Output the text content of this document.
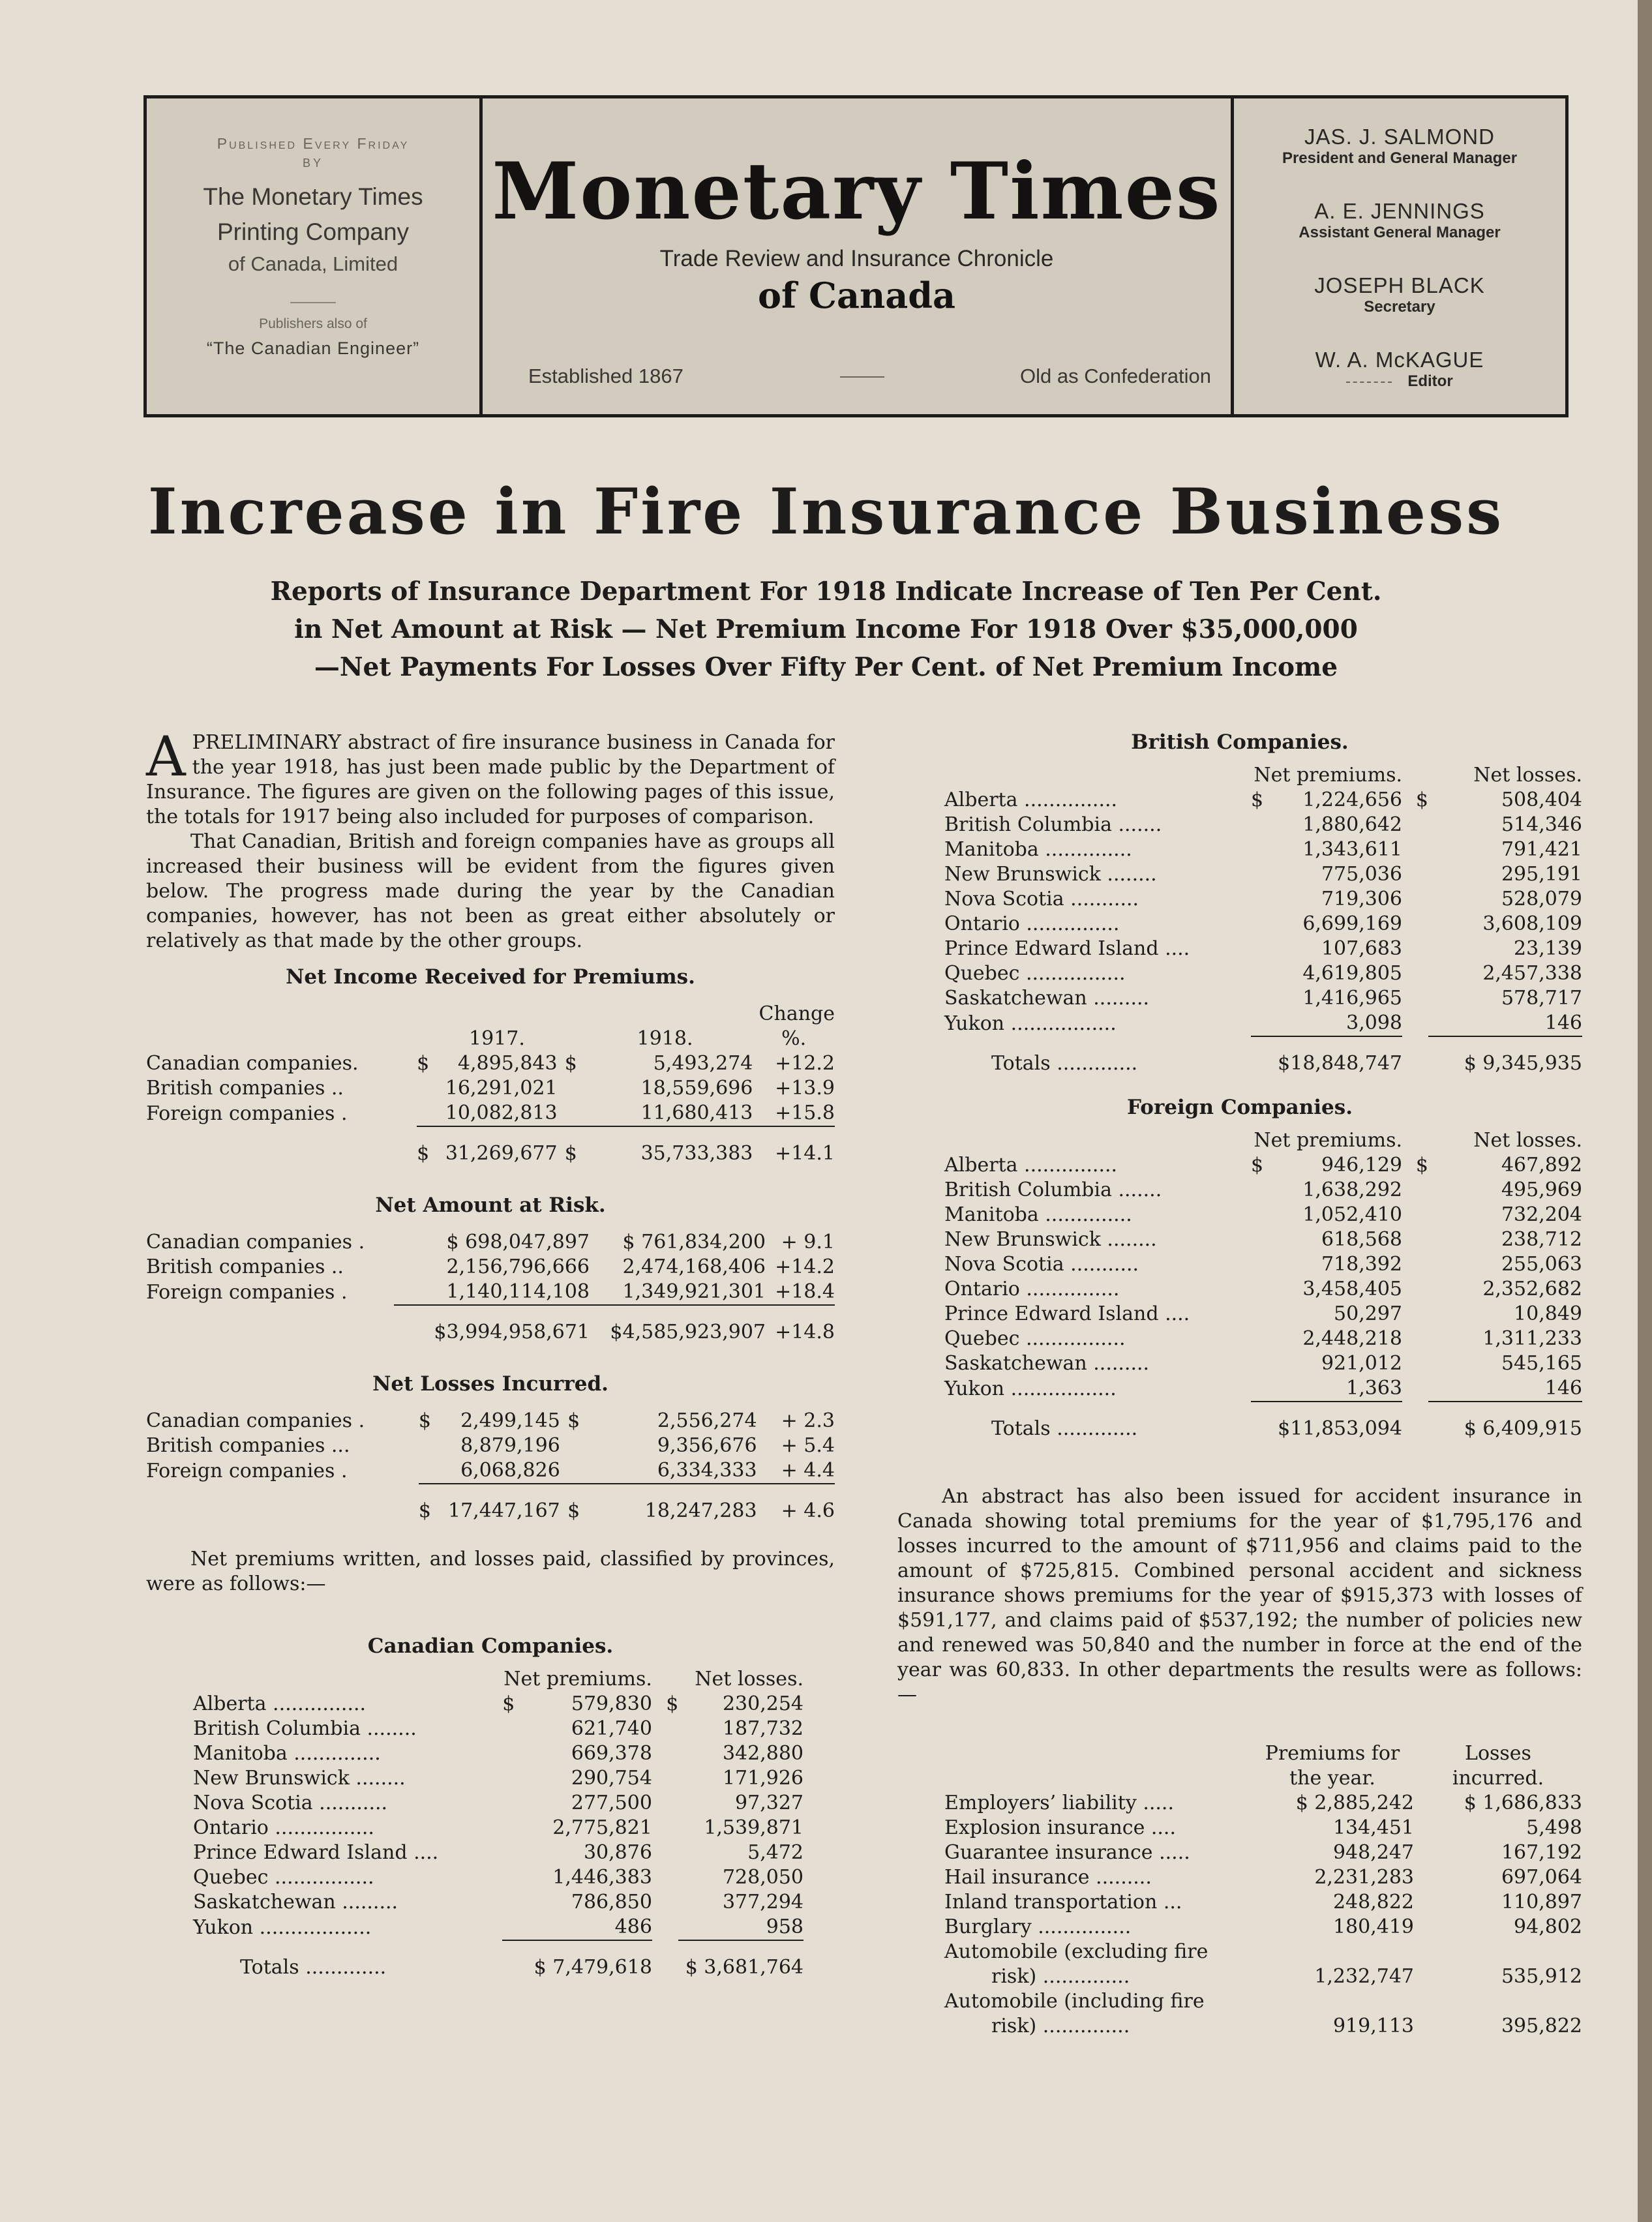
Published Every Friday
BY
The Monetary Times
Printing Company
of Canada, Limited
Publishers also of
“The Canadian Engineer”
Monetary Times
Trade Review and Insurance Chronicle
of Canada
Established 1867	Old as Confederation
JAS. J. SALMOND
President and General Manager
A. E. JENNINGS
Assistant General Manager
JOSEPH BLACK
Secretary
W. A. McKAGUE
Editor
Increase in Fire Insurance Business
Reports of Insurance Department For 1918 Indicate Increase of Ten Per Cent.
in Net Amount at Risk — Net Premium Income For 1918 Over $35,000,000
—Net Payments For Losses Over Fifty Per Cent. of Net Premium Income

APRELIMINARY abstract of fire insurance business in Canada for the year 1918, has just been made public by the Department of Insurance. The figures are given on the following pages of this issue, the totals for 1917 being also included for purposes of comparison.

That Canadian, British and foreign companies have as groups all increased their business will be evident from the figures given below. The progress made during the year by the Canadian companies, however, has not been as great either absolutely or relatively as that made by the other groups.

Net Income Received for Premiums.

					Change
		1917.		1918.	%.
Canadian companies.	$	4,895,843	$	5,493,274	+12.2
British companies ..		16,291,021		18,559,696	+13.9
Foreign companies .		10,082,813		11,680,413	+15.8

	$	31,269,677	$	35,733,383	+14.1

Net Amount at Risk.

Canadian companies .	$ 698,047,897	$ 761,834,200	+ 9.1
British companies ..	2,156,796,666	2,474,168,406	+14.2
Foreign companies .	1,140,114,108	1,349,921,301	+18.4

	$3,994,958,671	$4,585,923,907	+14.8

Net Losses Incurred.

Canadian companies .	$	2,499,145	$	2,556,274	+ 2.3
British companies ...		8,879,196		9,356,676	+ 5.4
Foreign companies .		6,068,826		6,334,333	+ 4.4

	$	17,447,167	$	18,247,283	+ 4.6

Net premiums written, and losses paid, classified by provinces, were as follows:—

Canadian Companies.

	Net premiums.		Net losses.	
Alberta ...............	$	579,830	$	230,254
British Columbia ........		621,740		187,732
Manitoba ..............		669,378		342,880
New Brunswick ........		290,754		171,926
Nova Scotia ...........		277,500		97,327
Ontario ................		2,775,821		1,539,871
Prince Edward Island ....		30,876		5,472
Quebec ................		1,446,383		728,050
Saskatchewan .........		786,850		377,294
Yukon ..................		486		958

Totals .............	$ 7,479,618		$ 3,681,764	

British Companies.

	Net premiums.		Net losses.	
Alberta ...............	$	1,224,656	$	508,404
British Columbia .......		1,880,642		514,346
Manitoba ..............		1,343,611		791,421
New Brunswick ........		775,036		295,191
Nova Scotia ...........		719,306		528,079
Ontario ...............		6,699,169		3,608,109
Prince Edward Island ....		107,683		23,139
Quebec ................		4,619,805		2,457,338
Saskatchewan .........		1,416,965		578,717
Yukon .................		3,098		146

Totals .............	$18,848,747		$ 9,345,935	

Foreign Companies.

	Net premiums.		Net losses.	
Alberta ...............	$	946,129	$	467,892
British Columbia .......		1,638,292		495,969
Manitoba ..............		1,052,410		732,204
New Brunswick ........		618,568		238,712
Nova Scotia ...........		718,392		255,063
Ontario ...............		3,458,405		2,352,682
Prince Edward Island ....		50,297		10,849
Quebec ................		2,448,218		1,311,233
Saskatchewan .........		921,012		545,165
Yukon .................		1,363		146

Totals .............	$11,853,094		$ 6,409,915	

An abstract has also been issued for accident insurance in Canada showing total premiums for the year of $1,795,176 and losses incurred to the amount of $711,956 and claims paid to the amount of $725,815. Combined personal accident and sickness insurance shows premiums for the year of $915,373 with losses of $591,177, and claims paid of $537,192; the number of policies new and renewed was 50,840 and the number in force at the end of the year was 60,833. In other departments the results were as follows:—

	Premiums for	Losses
	the year.	incurred.
Employers’ liability .....	$ 2,885,242	$ 1,686,833
Explosion insurance ....	134,451	5,498
Guarantee insurance .....	948,247	167,192
Hail insurance .........	2,231,283	697,064
Inland transportation ...	248,822	110,897
Burglary ...............	180,419	94,802
Automobile (excluding fire		
risk) ..............	1,232,747	535,912
Automobile (including fire		
risk) ..............	919,113	395,822
